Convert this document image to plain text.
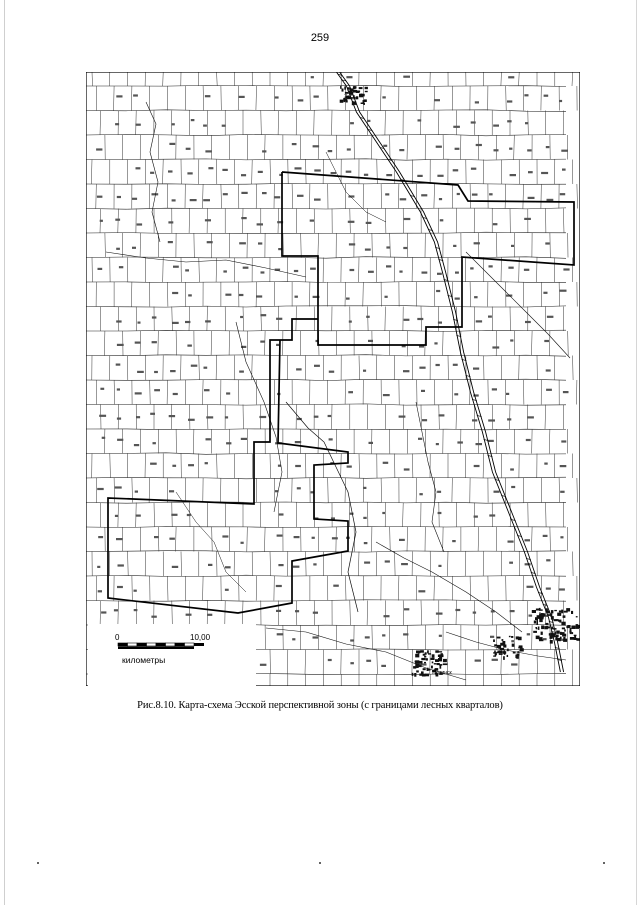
259
0	10,00
километры
Эсса
Мосинск
Рис.8.10. Карта-схема Эсской перспективной зоны (с границами лесных кварталов)
